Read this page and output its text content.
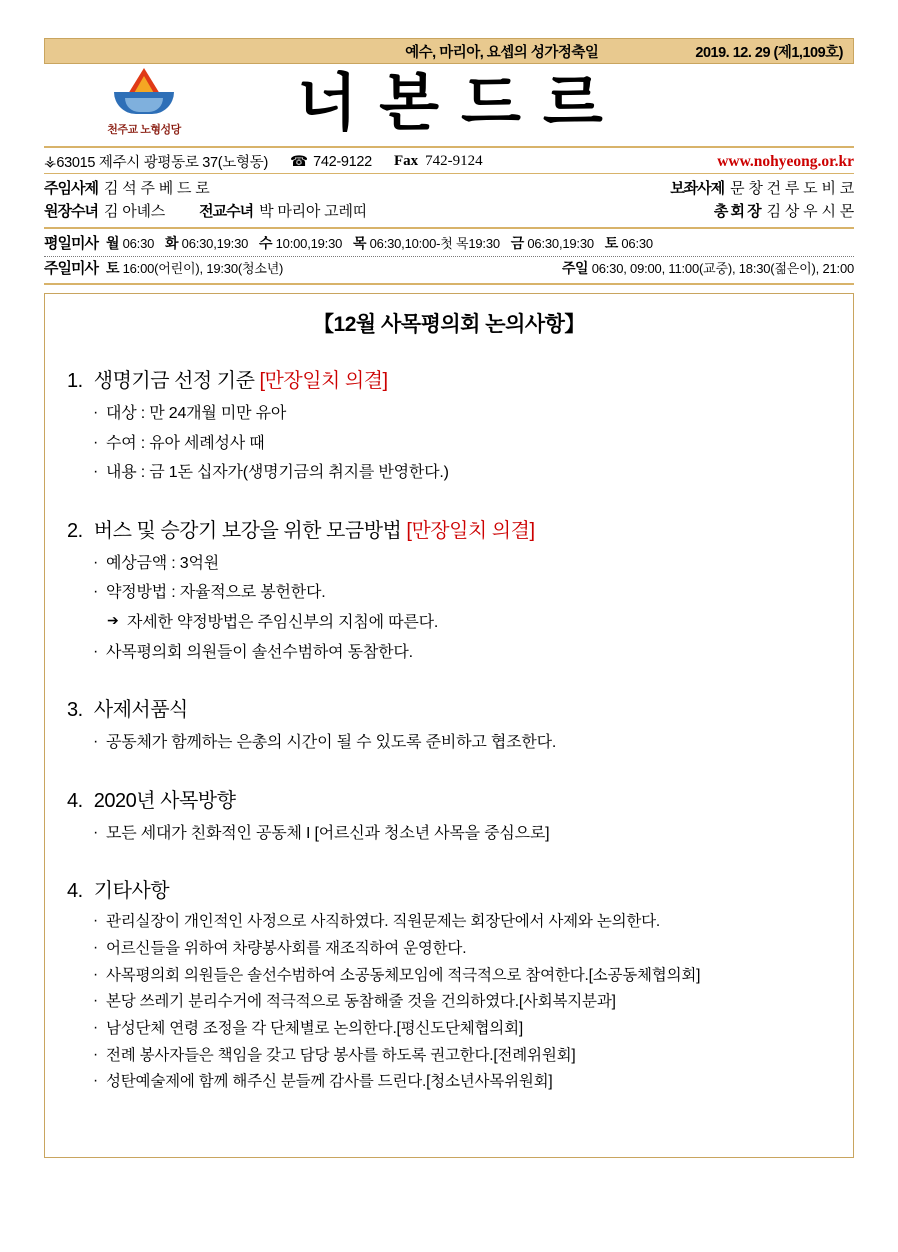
예수, 마리아, 요셉의 성가정축일	2019. 12. 29 (제1,109호)
천주교 노형성당	너본드르
⚶ 63015 제주시 광평동로 37(노형동) ☎ 742-9122 Fax 742-9124	www.nohyeong.or.kr
주임사제 김 석 주 베 드 로	보좌사제 문 창 건 루 도 비 코
원장수녀 김 아녜스 전교수녀 박 마리아 고레띠	총 회 장 김 상 우 시 몬
평일미사 월 06:30 화 06:30,19:30 수 10:00,19:30 목 06:30,10:00-첫 목19:30 금 06:30,19:30 토 06:30
주일미사 토 16:00(어린이), 19:30(청소년)	주일 06:30, 09:00, 11:00(교중), 18:30(젊은이), 21:00
【12월 사목평의회 논의사항】
1. 생명기금 선정 기준 [만장일치 의결]
· 대상 : 만 24개월 미만 유아
· 수여 : 유아 세례성사 때
· 내용 : 금 1돈 십자가(생명기금의 취지를 반영한다.)
2. 버스 및 승강기 보강을 위한 모금방법 [만장일치 의결]
· 예상금액 : 3억원
· 약정방법 : 자율적으로 봉헌한다.
➔ 자세한 약정방법은 주임신부의 지침에 따른다.
· 사목평의회 의원들이 솔선수범하여 동참한다.
3. 사제서품식
· 공동체가 함께하는 은총의 시간이 될 수 있도록 준비하고 협조한다.
4. 2020년 사목방향
· 모든 세대가 친화적인 공동체 I [어르신과 청소년 사목을 중심으로]
4. 기타사항
· 관리실장이 개인적인 사정으로 사직하였다. 직원문제는 회장단에서 사제와 논의한다.
· 어르신들을 위하여 차량봉사회를 재조직하여 운영한다.
· 사목평의회 의원들은 솔선수범하여 소공동체모임에 적극적으로 참여한다.[소공동체협의회]
· 본당 쓰레기 분리수거에 적극적으로 동참해줄 것을 건의하였다.[사회복지분과]
· 남성단체 연령 조정을 각 단체별로 논의한다.[평신도단체협의회]
· 전례 봉사자들은 책임을 갖고 담당 봉사를 하도록 권고한다.[전례위원회]
· 성탄예술제에 함께 해주신 분들께 감사를 드린다.[청소년사목위원회]
